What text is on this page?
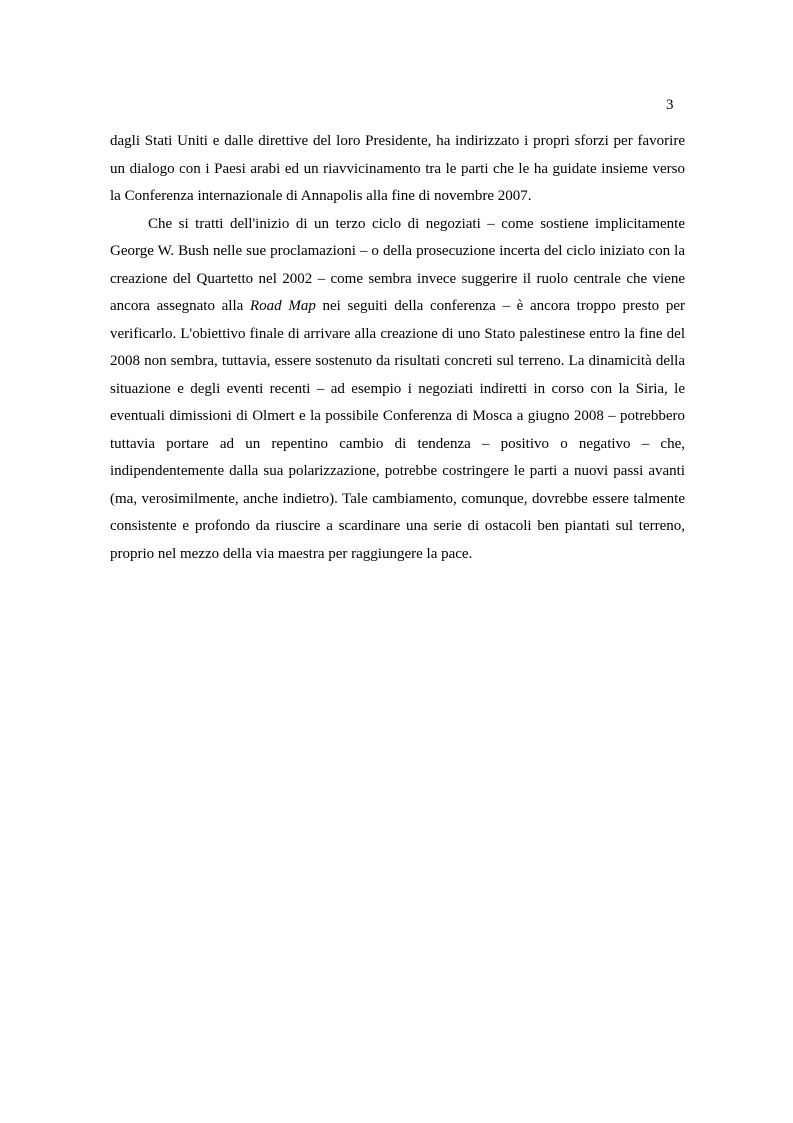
3

dagli Stati Uniti e dalle direttive del loro Presidente, ha indirizzato i propri sforzi per favorire un dialogo con i Paesi arabi ed un riavvicinamento tra le parti che le ha guidate insieme verso la Conferenza internazionale di Annapolis alla fine di novembre 2007.

Che si tratti dell'inizio di un terzo ciclo di negoziati – come sostiene implicitamente George W. Bush nelle sue proclamazioni – o della prosecuzione incerta del ciclo iniziato con la creazione del Quartetto nel 2002 – come sembra invece suggerire il ruolo centrale che viene ancora assegnato alla Road Map nei seguiti della conferenza – è ancora troppo presto per verificarlo. L'obiettivo finale di arrivare alla creazione di uno Stato palestinese entro la fine del 2008 non sembra, tuttavia, essere sostenuto da risultati concreti sul terreno. La dinamicità della situazione e degli eventi recenti – ad esempio i negoziati indiretti in corso con la Siria, le eventuali dimissioni di Olmert e la possibile Conferenza di Mosca a giugno 2008 – potrebbero tuttavia portare ad un repentino cambio di tendenza – positivo o negativo – che, indipendentemente dalla sua polarizzazione, potrebbe costringere le parti a nuovi passi avanti (ma, verosimilmente, anche indietro). Tale cambiamento, comunque, dovrebbe essere talmente consistente e profondo da riuscire a scardinare una serie di ostacoli ben piantati sul terreno, proprio nel mezzo della via maestra per raggiungere la pace.
